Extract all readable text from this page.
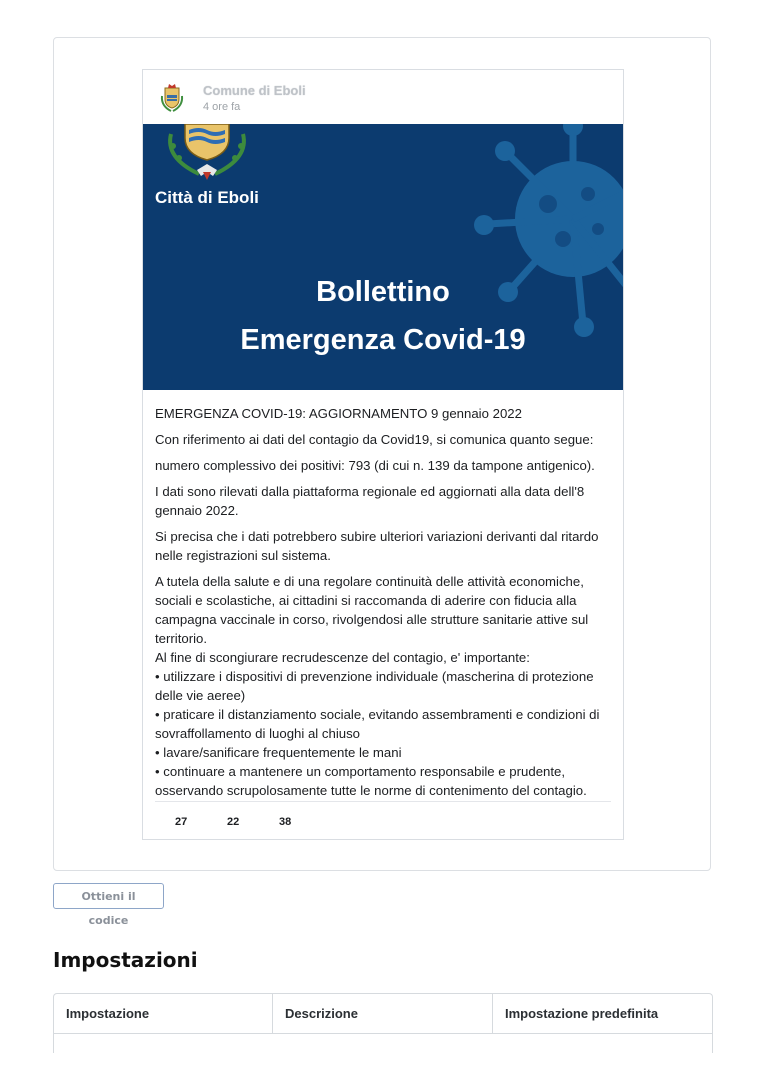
Comune di Eboli
4 ore fa
Città di Eboli
Bollettino
Emergenza Covid-19

EMERGENZA COVID-19: AGGIORNAMENTO 9 gennaio 2022

Con riferimento ai dati del contagio da Covid19, si comunica quanto segue:

numero complessivo dei positivi: 793 (di cui n. 139 da tampone antigenico).

I dati sono rilevati dalla piattaforma regionale ed aggiornati alla data dell'8 gennaio 2022.

Si precisa che i dati potrebbero subire ulteriori variazioni derivanti dal ritardo nelle registrazioni sul sistema.

A tutela della salute e di una regolare continuità delle attività economiche, sociali e scolastiche, ai cittadini si raccomanda di aderire con fiducia alla campagna vaccinale in corso, rivolgendosi alle strutture sanitarie attive sul territorio.

Al fine di scongiurare recrudescenze del contagio, e' importante:

• utilizzare i dispositivi di prevenzione individuale (mascherina di protezione delle vie aeree)

• praticare il distanziamento sociale, evitando assembramenti e condizioni di sovraffollamento di luoghi al chiuso

• lavare/sanificare frequentemente le mani

• continuare a mantenere un comportamento responsabile e prudente, osservando scrupolosamente tutte le norme di contenimento del contagio.

27	22	38
Ottieni il codice
Impostazioni
Impostazione	Descrizione	Impostazione predefinita
